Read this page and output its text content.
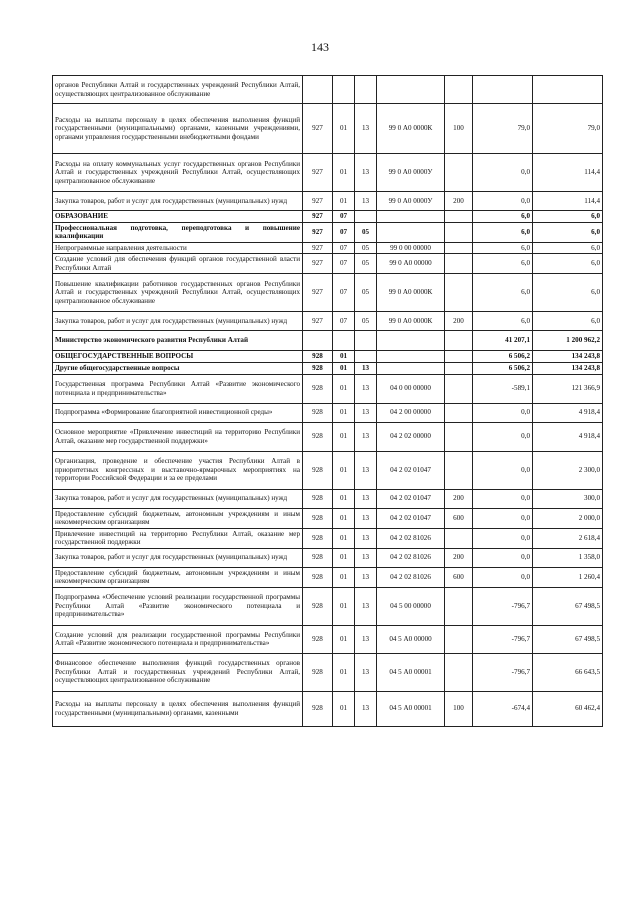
143
органов Республики Алтай и государственных учреждений Республики Алтай, осуществляющих централизованное обслуживание							
Расходы на выплаты персоналу в целях обеспечения выполнения функций государственными (муниципальными) органами, казенными учреждениями, органами управления государственными внебюджетными фондами	927	01	13	99 0 А0 0000К	100	79,0	79,0
Расходы на оплату коммунальных услуг государственных органов Республики Алтай и государственных учреждений Республики Алтай, осуществляющих централизованное обслуживание	927	01	13	99 0 А0 0000У		0,0	114,4
Закупка товаров, работ и услуг для государственных (муниципальных) нужд	927	01	13	99 0 А0 0000У	200	0,0	114,4
ОБРАЗОВАНИЕ	927	07				6,0	6,0
Профессиональная подготовка, переподготовка и повышение квалификации	927	07	05			6,0	6,0
Непрограммные направления деятельности	927	07	05	99 0 00 00000		6,0	6,0
Создание условий для обеспечения функций органов государственной власти Республики Алтай	927	07	05	99 0 А0 00000		6,0	6,0
Повышение квалификации работников государственных органов Республики Алтай и государственных учреждений Республики Алтай, осуществляющих централизованное обслуживание	927	07	05	99 0 А0 0000К		6,0	6,0
Закупка товаров, работ и услуг для государственных (муниципальных) нужд	927	07	05	99 0 А0 0000К	200	6,0	6,0
Министерство экономического развития Республики Алтай						41 207,1	1 200 962,2
ОБЩЕГОСУДАРСТВЕННЫЕ ВОПРОСЫ	928	01				6 506,2	134 243,8
Другие общегосударственные вопросы	928	01	13			6 506,2	134 243,8
Государственная программа Республики Алтай «Развитие экономического потенциала и предпринимательства»	928	01	13	04 0 00 00000		-589,1	121 366,9
Подпрограмма «Формирование благоприятной инвестиционной среды»	928	01	13	04 2 00 00000		0,0	4 918,4
Основное мероприятие «Привлечение инвестиций на территорию Республики Алтай, оказание мер государственной поддержки»	928	01	13	04 2 02 00000		0,0	4 918,4
Организация, проведение и обеспечение участия Республики Алтай в приоритетных конгрессных и выставочно-ярмарочных мероприятиях на территории Российской Федерации и за ее пределами	928	01	13	04 2 02 01047		0,0	2 300,0
Закупка товаров, работ и услуг для государственных (муниципальных) нужд	928	01	13	04 2 02 01047	200	0,0	300,0
Предоставление субсидий бюджетным, автономным учреждениям и иным некоммерческим организациям	928	01	13	04 2 02 01047	600	0,0	2 000,0
Привлечение инвестиций на территорию Республики Алтай, оказание мер государственной поддержки	928	01	13	04 2 02 81026		0,0	2 618,4
Закупка товаров, работ и услуг для государственных (муниципальных) нужд	928	01	13	04 2 02 81026	200	0,0	1 358,0
Предоставление субсидий бюджетным, автономным учреждениям и иным некоммерческим организациям	928	01	13	04 2 02 81026	600	0,0	1 260,4
Подпрограмма «Обеспечение условий реализации государственной программы Республики Алтай «Развитие экономического потенциала и предпринимательства»	928	01	13	04 5 00 00000		-796,7	67 498,5
Создание условий для реализации государственной программы Республики Алтай «Развитие экономического потенциала и предпринимательства»	928	01	13	04 5 А0 00000		-796,7	67 498,5
Финансовое обеспечение выполнения функций государственных органов Республики Алтай и государственных учреждений Республики Алтай, осуществляющих централизованное обслуживание	928	01	13	04 5 А0 00001		-796,7	66 643,5
Расходы на выплаты персоналу в целях обеспечения выполнения функций государственными (муниципальными) органами, казенными	928	01	13	04 5 А0 00001	100	-674,4	60 462,4
